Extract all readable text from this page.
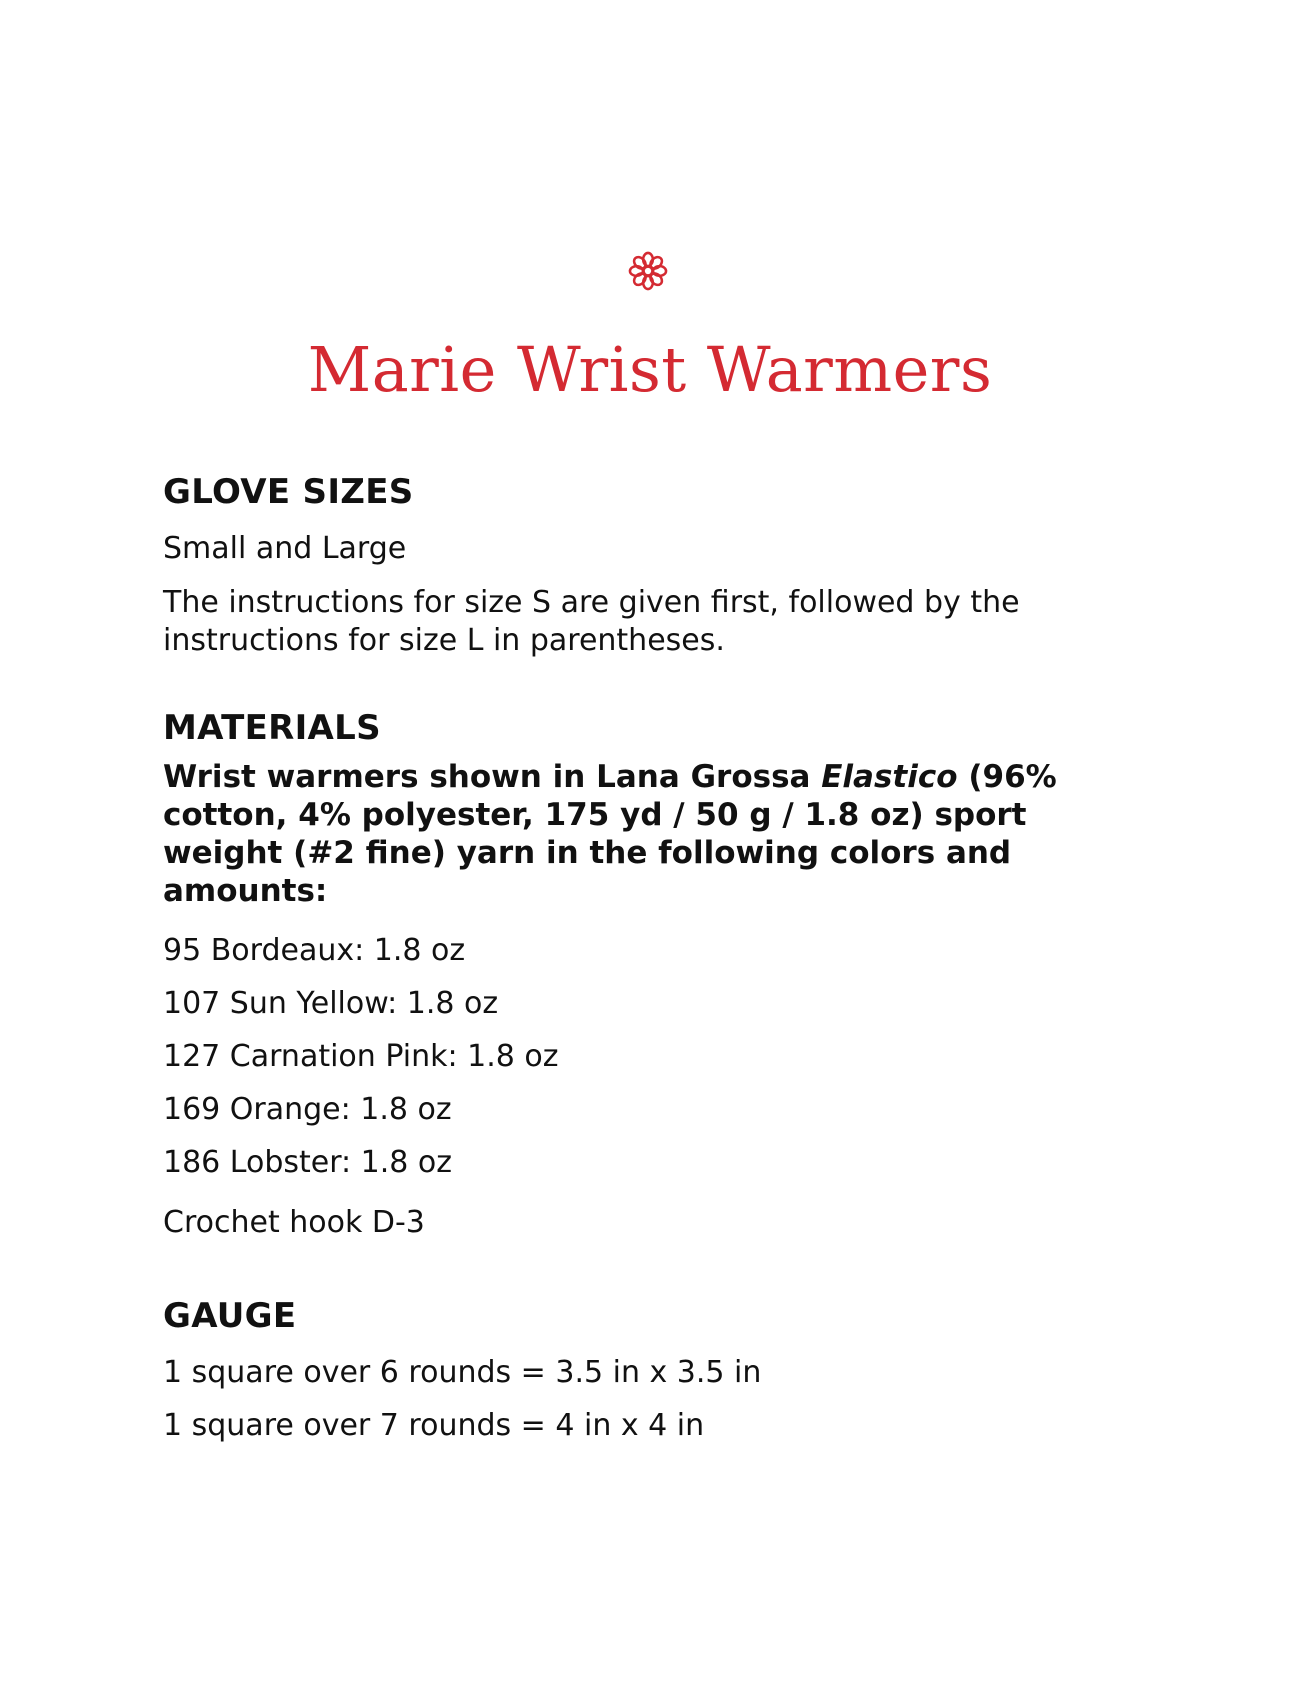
Marie Wrist Warmers
GLOVE SIZES

Small and Large

The instructions for size S are given first, followed by the instructions for size L in parentheses.

MATERIALS

Wrist warmers shown in Lana Grossa Elastico (96% cotton, 4% polyester, 175 yd / 50 g / 1.8 oz) sport weight (#2 fine) yarn in the following colors and amounts:

95 Bordeaux: 1.8 oz
107 Sun Yellow: 1.8 oz
127 Carnation Pink: 1.8 oz
169 Orange: 1.8 oz
186 Lobster: 1.8 oz

Crochet hook D-3

GAUGE
1 square over 6 rounds = 3.5 in x 3.5 in
1 square over 7 rounds = 4 in x 4 in
